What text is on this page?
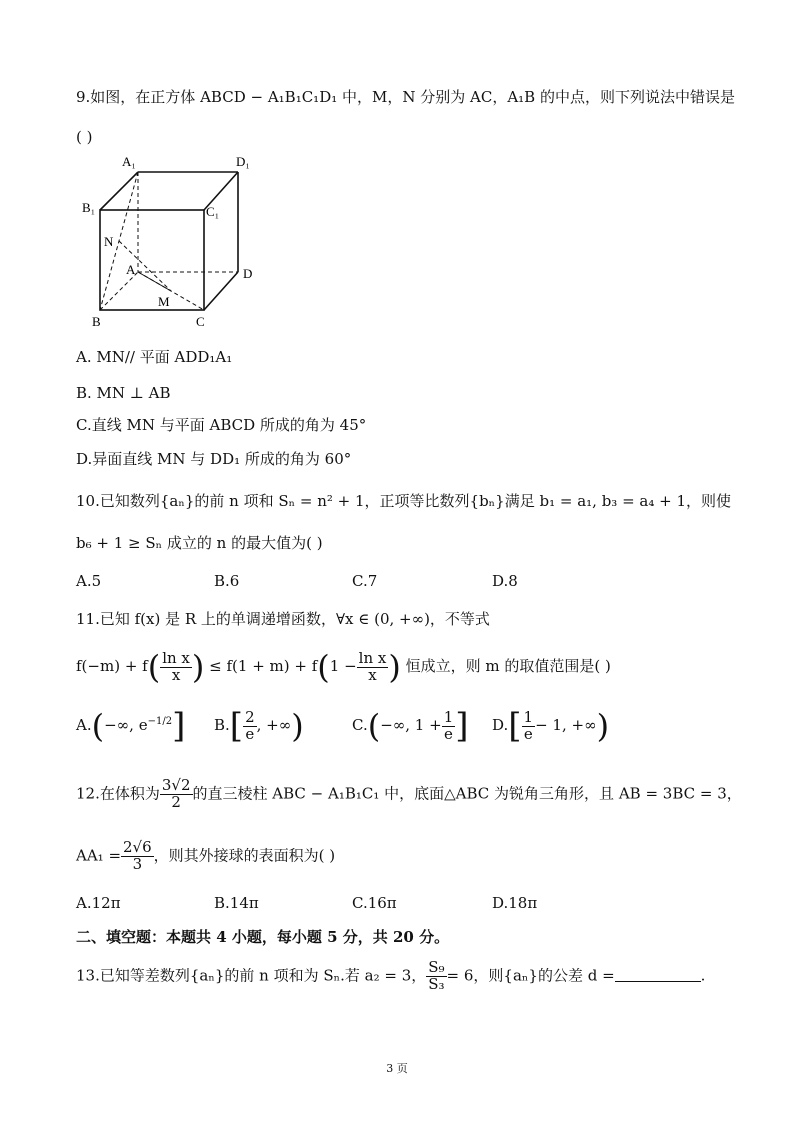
9.如图，在正方体 ABCD − A₁B₁C₁D₁ 中，M，N 分别为 AC，A₁B 的中点，则下列说法中错误是
( )
A₁	D₁
B₁	C₁
N
A	D
M
B	C
A. MN// 平面 ADD₁A₁
B. MN ⊥ AB
C.直线 MN 与平面 ABCD 所成的角为 45°
D.异面直线 MN 与 DD₁ 所成的角为 60°
10.已知数列{aₙ}的前 n 项和 Sₙ = n² + 1，正项等比数列{bₙ}满足 b₁ = a₁, b₃ = a₄ + 1，则使
b₆ + 1 ≥ Sₙ 成立的 n 的最大值为( )
A.5	B.6	C.7	D.8
11.已知 f(x) 是 R 上的单调递增函数，∀x ∈ (0, +∞)，不等式
$f(-m) + f( \frac{\text{ln x}}{x}$ ) ≤ $f(1 + m) + f(1 - \frac{\text{ln x}}{x}$ ) 恒成立，则 m 的取值范围是( )
A.(−∞, $e^{-1/2}$] $B.[ \frac{2}{e}$ , +∞)	C.(−∞, $1 + \frac{1}{e}$ ] $D.[ \frac{1}{e} - 1$, +∞)
12.在体积为 $\frac{3√2}{2}$ 的直三棱柱 ABC − A₁B₁C₁ 中，底面△ABC 为锐角三角形，且 AB = 3BC = 3，
$AA_1 = \frac{2√6}{3}$ ，则其外接球的表面积为( )
A.12π	B.14π	C.16π	D.18π
二、填空题：本题共 4 小题，每小题 5 分，共 20 分。
13.已知等差数列{aₙ}的前 n 项和为 Sₙ.若 a₂ = 3， $\frac{\text{S₉}}{\text{S₃}} = 6$，则{aₙ}的公差 d =	.
3 页
